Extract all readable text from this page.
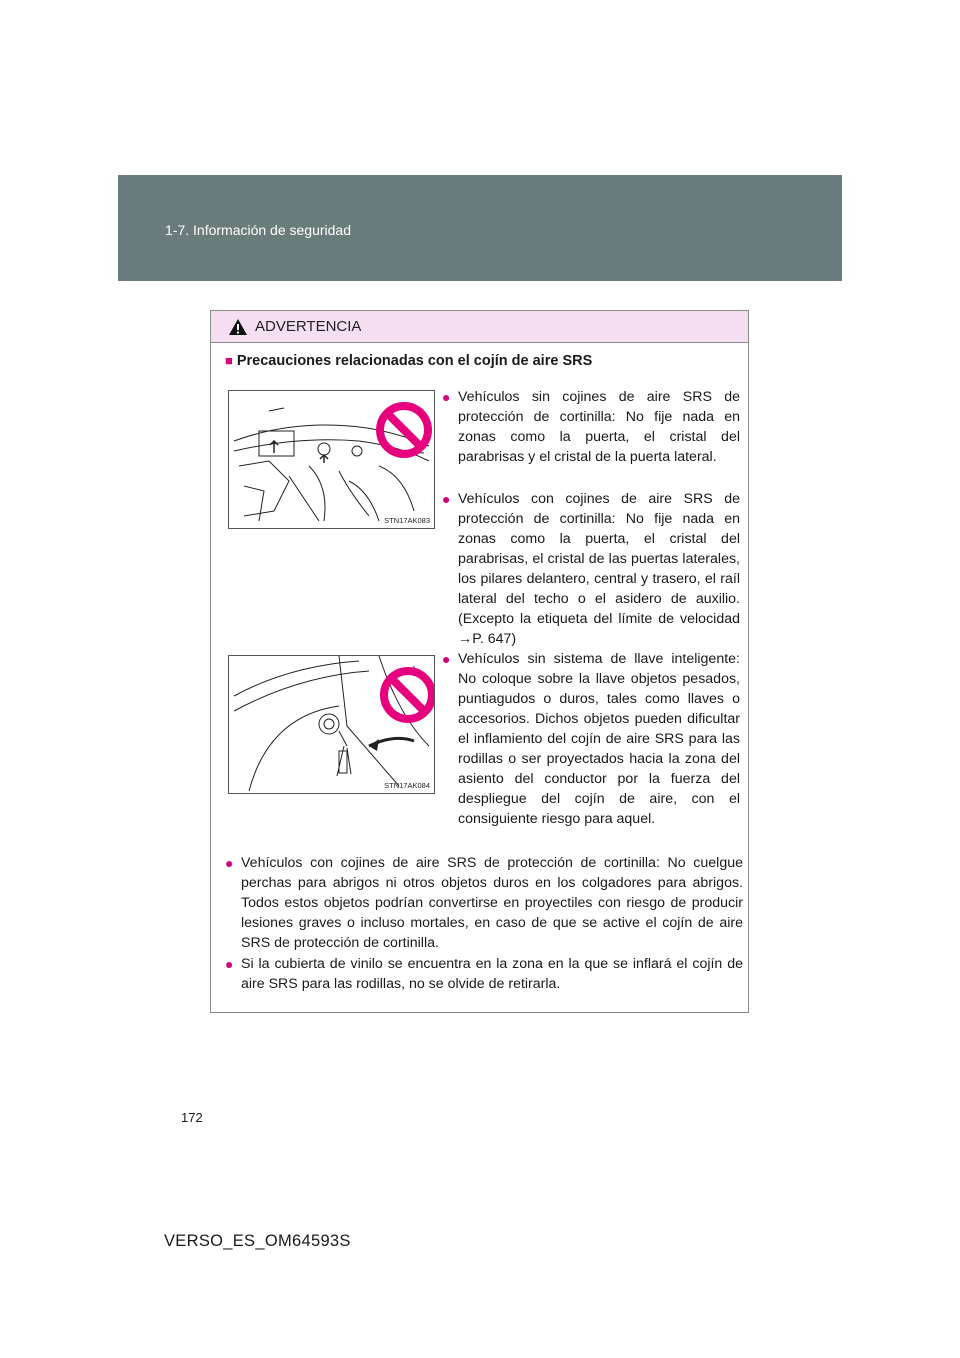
1-7. Información de seguridad
ADVERTENCIA
■ Precauciones relacionadas con el cojín de aire SRS
STN17AK083
STN17AK084
● Vehículos sin cojines de aire SRS de protección de cortinilla: No fije nada en zonas como la puerta, el cristal del parabrisas y el cristal de la puerta lateral.
● Vehículos con cojines de aire SRS de protección de cortinilla: No fije nada en zonas como la puerta, el cristal del parabrisas, el cristal de las puertas laterales, los pilares delantero, central y trasero, el raíl lateral del techo o el asidero de auxilio. (Excepto la etiqueta del límite de velocidad →P. 647)
● Vehículos sin sistema de llave inteligente: No coloque sobre la llave objetos pesados, puntiagudos o duros, tales como llaves o accesorios. Dichos objetos pueden dificultar el inflamiento del cojín de aire SRS para las rodillas o ser proyectados hacia la zona del asiento del conductor por la fuerza del despliegue del cojín de aire, con el consiguiente riesgo para aquel.
● Vehículos con cojines de aire SRS de protección de cortinilla: No cuelgue perchas para abrigos ni otros objetos duros en los colgadores para abrigos. Todos estos objetos podrían convertirse en proyectiles con riesgo de producir lesiones graves o incluso mortales, en caso de que se active el cojín de aire SRS de protección de cortinilla.
● Si la cubierta de vinilo se encuentra en la zona en la que se inflará el cojín de aire SRS para las rodillas, no se olvide de retirarla.
172
VERSO_ES_OM64593S
